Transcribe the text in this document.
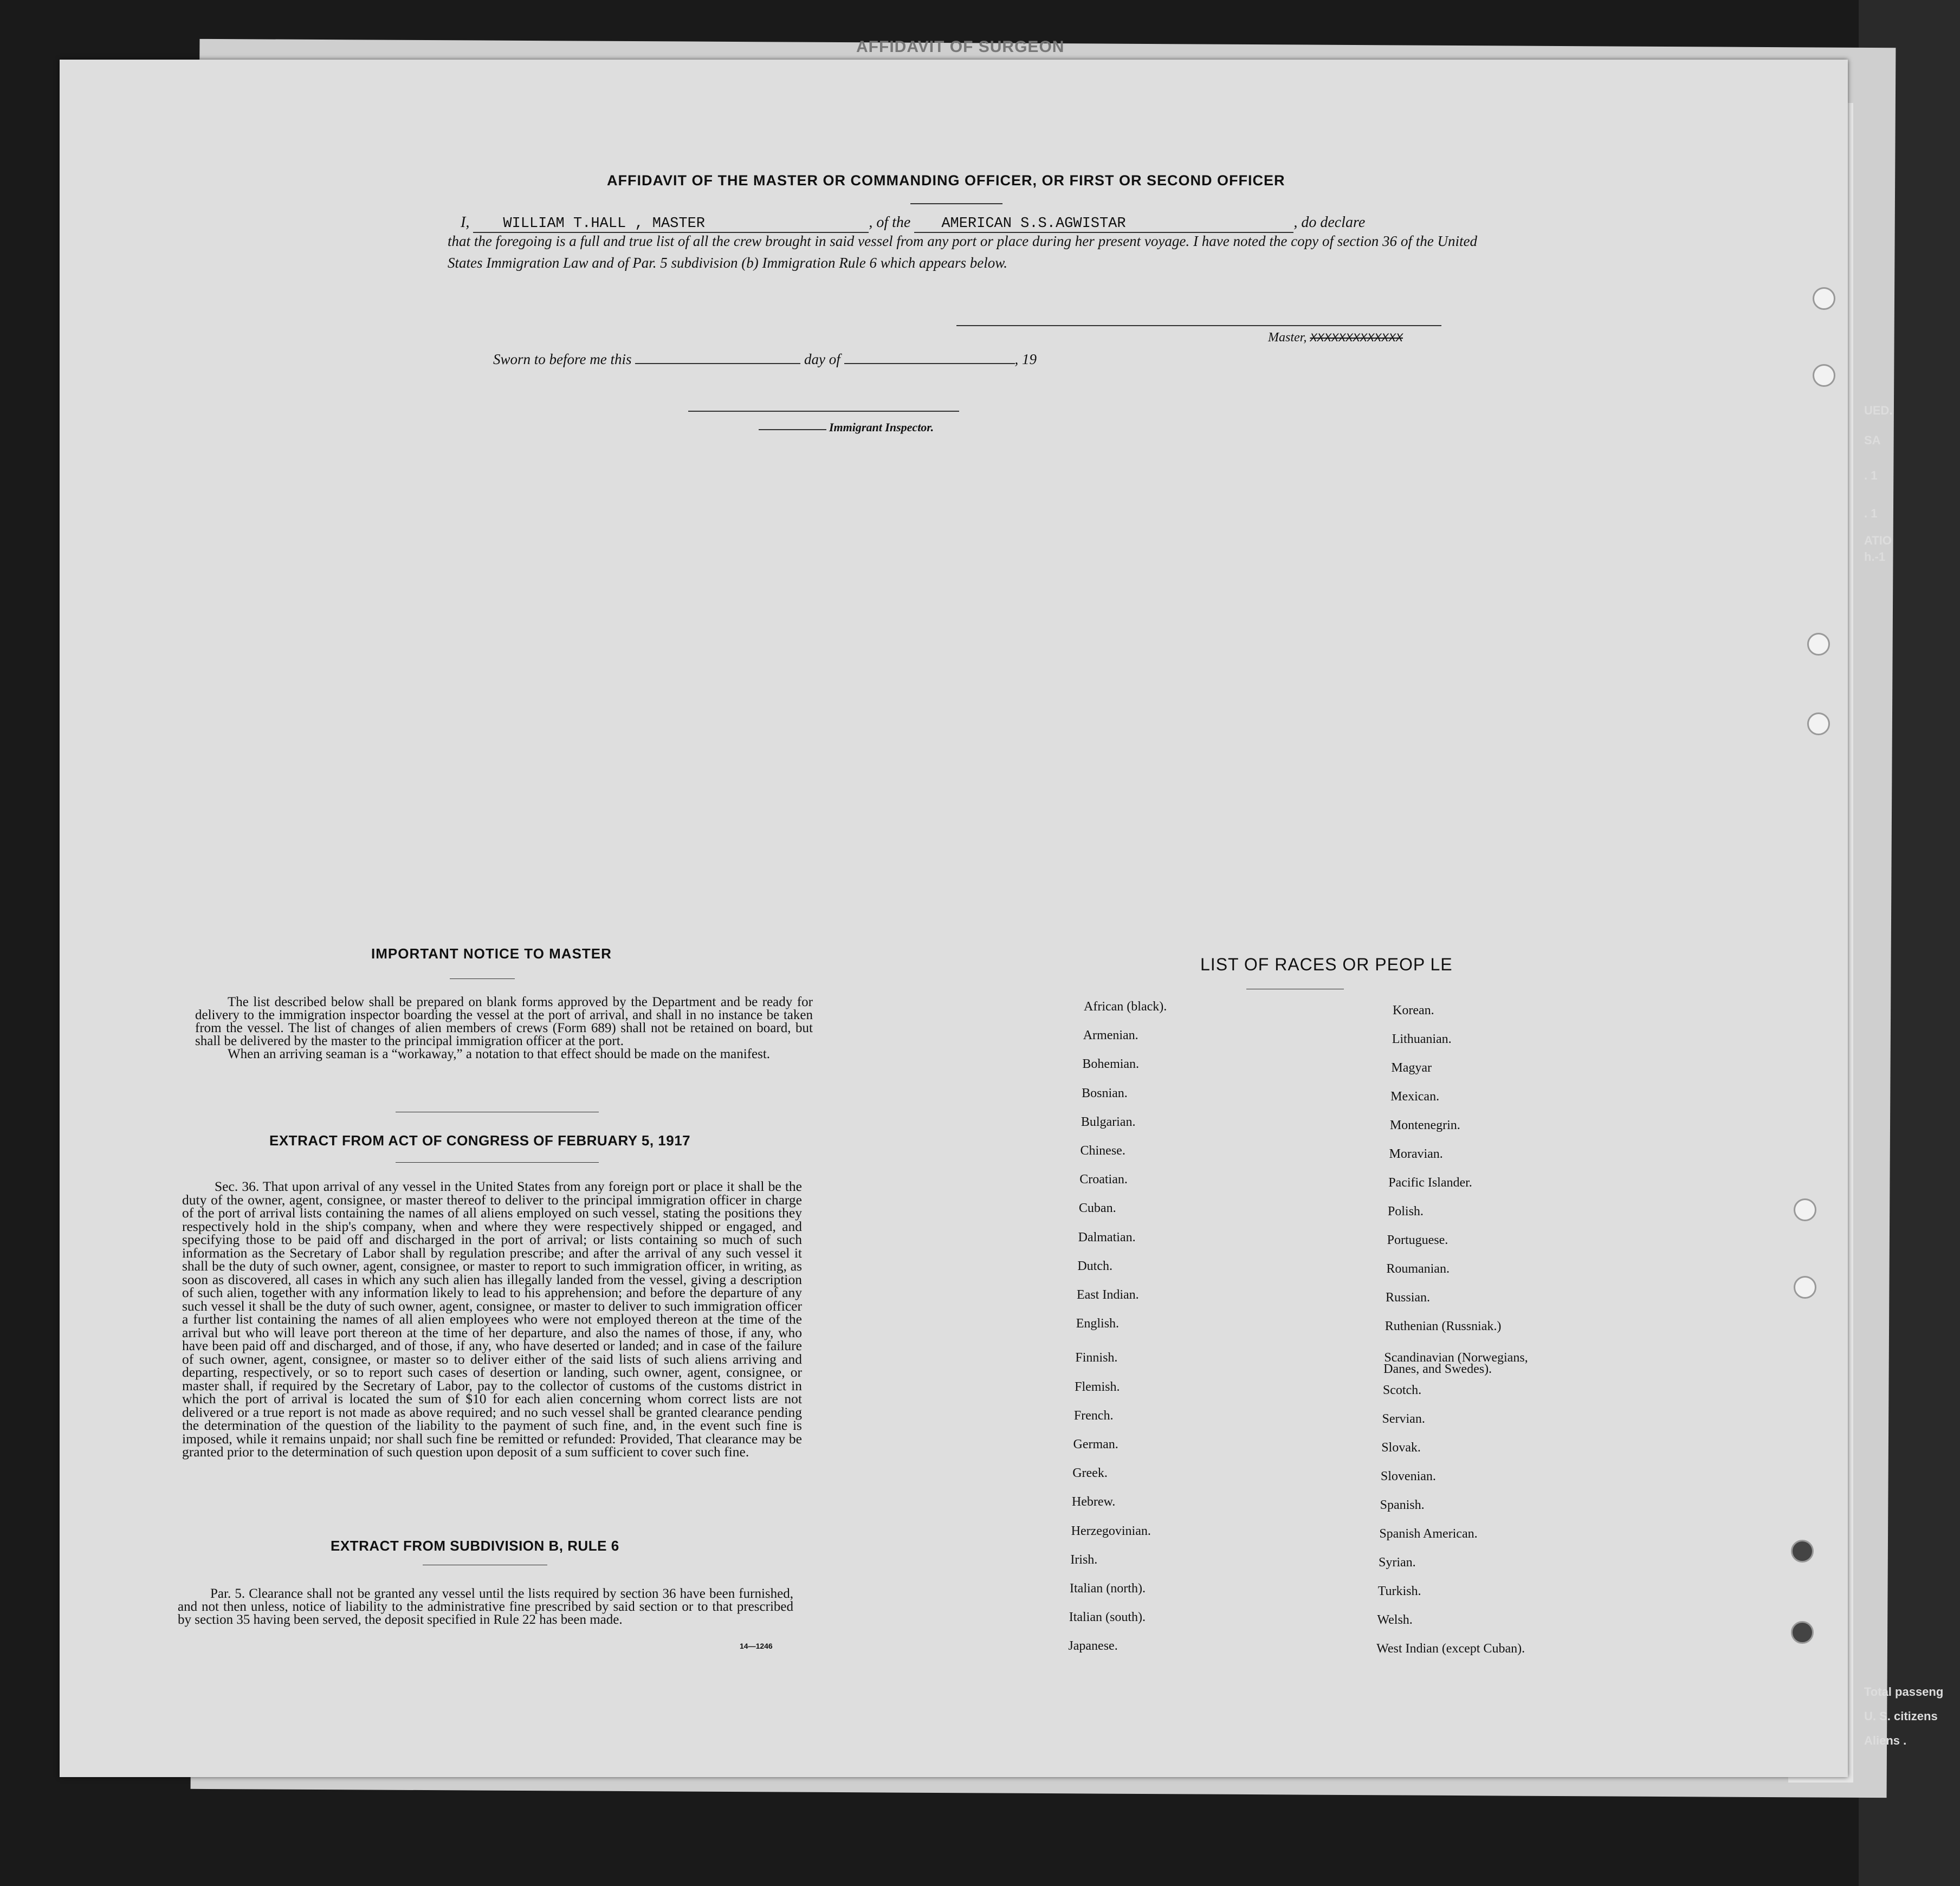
AFFIDAVIT OF SURGEON
AFFIDAVIT OF THE MASTER OR COMMANDING OFFICER, OR FIRST OR SECOND OFFICER
I, WILLIAM T.HALL , MASTER	, of the AMERICAN S.S.AGWISTAR	, do declare
that the foregoing is a full and true list of all the crew brought in said vessel from any port or place during her present voyage. I have noted the copy of section 36 of the United States Immigration Law and of Par. 5 subdivision (b) Immigration Rule 6 which appears below.
Master, XXXXXXXXXXXXX
Sworn to before me this	day of	, 19
Immigrant Inspector.
IMPORTANT NOTICE TO MASTER

The list described below shall be prepared on blank forms approved by the Department and be ready for delivery to the immigration inspector boarding the vessel at the port of arrival, and shall in no instance be taken from the vessel. The list of changes of alien members of crews (Form 689) shall not be retained on board, but shall be delivered by the master to the principal immigration officer at the port.

When an arriving seaman is a “workaway,” a notation to that effect should be made on the manifest.

EXTRACT FROM ACT OF CONGRESS OF FEBRUARY 5, 1917

Sec. 36. That upon arrival of any vessel in the United States from any foreign port or place it shall be the duty of the owner, agent, consignee, or master thereof to deliver to the principal immigration officer in charge of the port of arrival lists containing the names of all aliens employed on such vessel, stating the positions they respectively hold in the ship's company, when and where they were respectively shipped or engaged, and specifying those to be paid off and discharged in the port of arrival; or lists containing so much of such information as the Secretary of Labor shall by regulation prescribe; and after the arrival of any such vessel it shall be the duty of such owner, agent, consignee, or master to report to such immigration officer, in writing, as soon as discovered, all cases in which any such alien has illegally landed from the vessel, giving a description of such alien, together with any information likely to lead to his apprehension; and before the departure of any such vessel it shall be the duty of such owner, agent, consignee, or master to deliver to such immigration officer a further list containing the names of all alien employees who were not employed thereon at the time of the arrival but who will leave port thereon at the time of her departure, and also the names of those, if any, who have been paid off and discharged, and of those, if any, who have deserted or landed; and in case of the failure of such owner, agent, consignee, or master so to deliver either of the said lists of such aliens arriving and departing, respectively, or so to report such cases of desertion or landing, such owner, agent, consignee, or master shall, if required by the Secretary of Labor, pay to the collector of customs of the customs district in which the port of arrival is located the sum of $10 for each alien concerning whom correct lists are not delivered or a true report is not made as above required; and no such vessel shall be granted clearance pending the determination of the question of the liability to the payment of such fine, and, in the event such fine is imposed, while it remains unpaid; nor shall such fine be remitted or refunded: Provided, That clearance may be granted prior to the determination of such question upon deposit of a sum sufficient to cover such fine.

EXTRACT FROM SUBDIVISION B, RULE 6

Par. 5. Clearance shall not be granted any vessel until the lists required by section 36 have been furnished, and not then unless, notice of liability to the administrative fine prescribed by said section or to that prescribed by section 35 having been served, the deposit specified in Rule 22 has been made.

14—1246
LIST OF RACES OR PEOP LE
African (black).
Armenian.
Bohemian.
Bosnian.
Bulgarian.
Chinese.
Croatian.
Cuban.
Dalmatian.
Dutch.
East Indian.
English.
Finnish.
Flemish.
French.
German.
Greek.
Hebrew.
Herzegovinian.
Irish.
Italian (north).
Italian (south).
Japanese.
Korean.
Lithuanian.
Magyar
Mexican.
Montenegrin.
Moravian.
Pacific Islander.
Polish.
Portuguese.
Roumanian.
Russian.
Ruthenian (Russniak.)
Scandinavian (Norwegians,
Danes, and Swedes).
Scotch.
Servian.
Slovak.
Slovenian.
Spanish.
Spanish American.
Syrian.
Turkish.
Welsh.
West Indian (except Cuban).
UED.
SA
. 1
. 1
ATIO
h.-1
Total passeng
U. S. citizens
Aliens .
